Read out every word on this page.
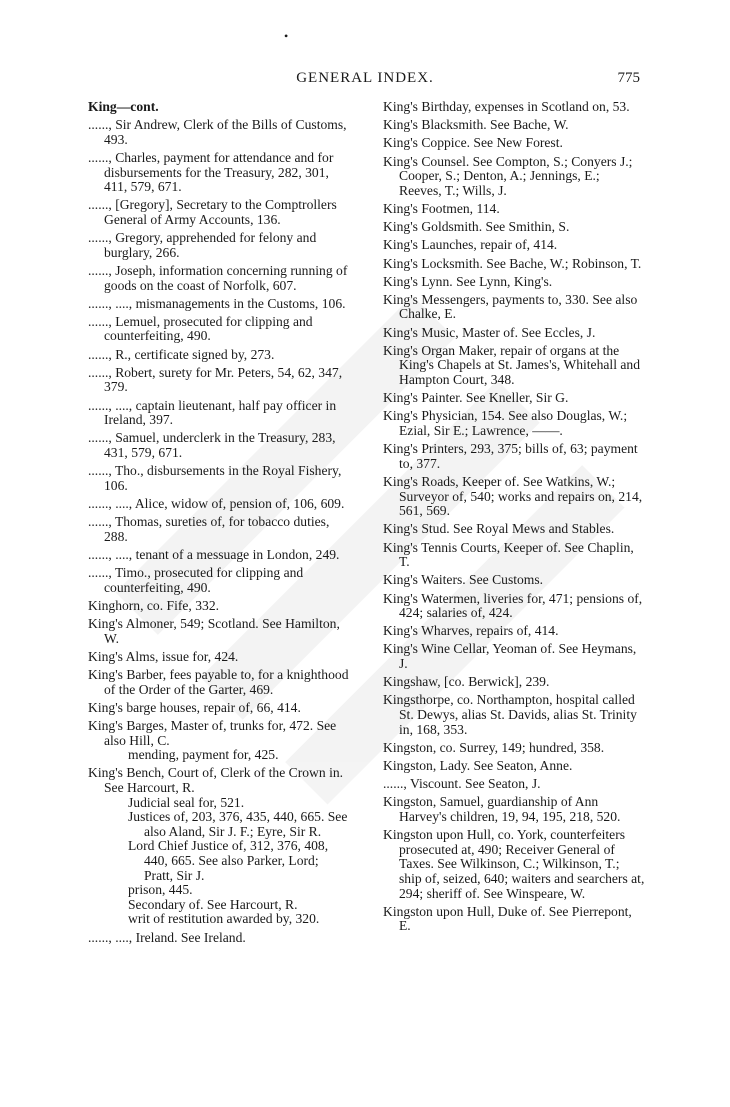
•
GENERAL INDEX.	775

King—cont.

......, Sir Andrew, Clerk of the Bills of Customs, 493.

......, Charles, payment for attendance and for disbursements for the Treasury, 282, 301, 411, 579, 671.

......, [Gregory], Secretary to the Comptrollers General of Army Accounts, 136.

......, Gregory, apprehended for felony and burglary, 266.

......, Joseph, information concerning running of goods on the coast of Norfolk, 607.

......, ...., mismanagements in the Customs, 106.

......, Lemuel, prosecuted for clipping and counterfeiting, 490.

......, R., certificate signed by, 273.

......, Robert, surety for Mr. Peters, 54, 62, 347, 379.

......, ...., captain lieutenant, half pay officer in Ireland, 397.

......, Samuel, underclerk in the Treasury, 283, 431, 579, 671.

......, Tho., disbursements in the Royal Fishery, 106.

......, ...., Alice, widow of, pension of, 106, 609.

......, Thomas, sureties of, for tobacco duties, 288.

......, ...., tenant of a messuage in London, 249.

......, Timo., prosecuted for clipping and counterfeiting, 490.

Kinghorn, co. Fife, 332.

King's Almoner, 549; Scotland. See Hamilton, W.

King's Alms, issue for, 424.

King's Barber, fees payable to, for a knighthood of the Order of the Garter, 469.

King's barge houses, repair of, 66, 414.

King's Barges, Master of, trunks for, 472. See also Hill, C.

mending, payment for, 425.

King's Bench, Court of, Clerk of the Crown in. See Harcourt, R.

Judicial seal for, 521.

Justices of, 203, 376, 435, 440, 665. See also Aland, Sir J. F.; Eyre, Sir R.

Lord Chief Justice of, 312, 376, 408, 440, 665. See also Parker, Lord; Pratt, Sir J.

prison, 445.

Secondary of. See Harcourt, R.

writ of restitution awarded by, 320.

......, ...., Ireland. See Ireland.

King's Birthday, expenses in Scotland on, 53.

King's Blacksmith. See Bache, W.

King's Coppice. See New Forest.

King's Counsel. See Compton, S.; Conyers J.; Cooper, S.; Denton, A.; Jennings, E.; Reeves, T.; Wills, J.

King's Footmen, 114.

King's Goldsmith. See Smithin, S.

King's Launches, repair of, 414.

King's Locksmith. See Bache, W.; Robinson, T.

King's Lynn. See Lynn, King's.

King's Messengers, payments to, 330. See also Chalke, E.

King's Music, Master of. See Eccles, J.

King's Organ Maker, repair of organs at the King's Chapels at St. James's, Whitehall and Hampton Court, 348.

King's Painter. See Kneller, Sir G.

King's Physician, 154. See also Douglas, W.; Ezial, Sir E.; Lawrence, ——.

King's Printers, 293, 375; bills of, 63; payment to, 377.

King's Roads, Keeper of. See Watkins, W.; Surveyor of, 540; works and repairs on, 214, 561, 569.

King's Stud. See Royal Mews and Stables.

King's Tennis Courts, Keeper of. See Chaplin, T.

King's Waiters. See Customs.

King's Watermen, liveries for, 471; pensions of, 424; salaries of, 424.

King's Wharves, repairs of, 414.

King's Wine Cellar, Yeoman of. See Heymans, J.

Kingshaw, [co. Berwick], 239.

Kingsthorpe, co. Northampton, hospital called St. Dewys, alias St. Davids, alias St. Trinity in, 168, 353.

Kingston, co. Surrey, 149; hundred, 358.

Kingston, Lady. See Seaton, Anne.

......, Viscount. See Seaton, J.

Kingston, Samuel, guardianship of Ann Harvey's children, 19, 94, 195, 218, 520.

Kingston upon Hull, co. York, counterfeiters prosecuted at, 490; Receiver General of Taxes. See Wilkinson, C.; Wilkinson, T.; ship of, seized, 640; waiters and searchers at, 294; sheriff of. See Winspeare, W.

Kingston upon Hull, Duke of. See Pierrepont, E.
